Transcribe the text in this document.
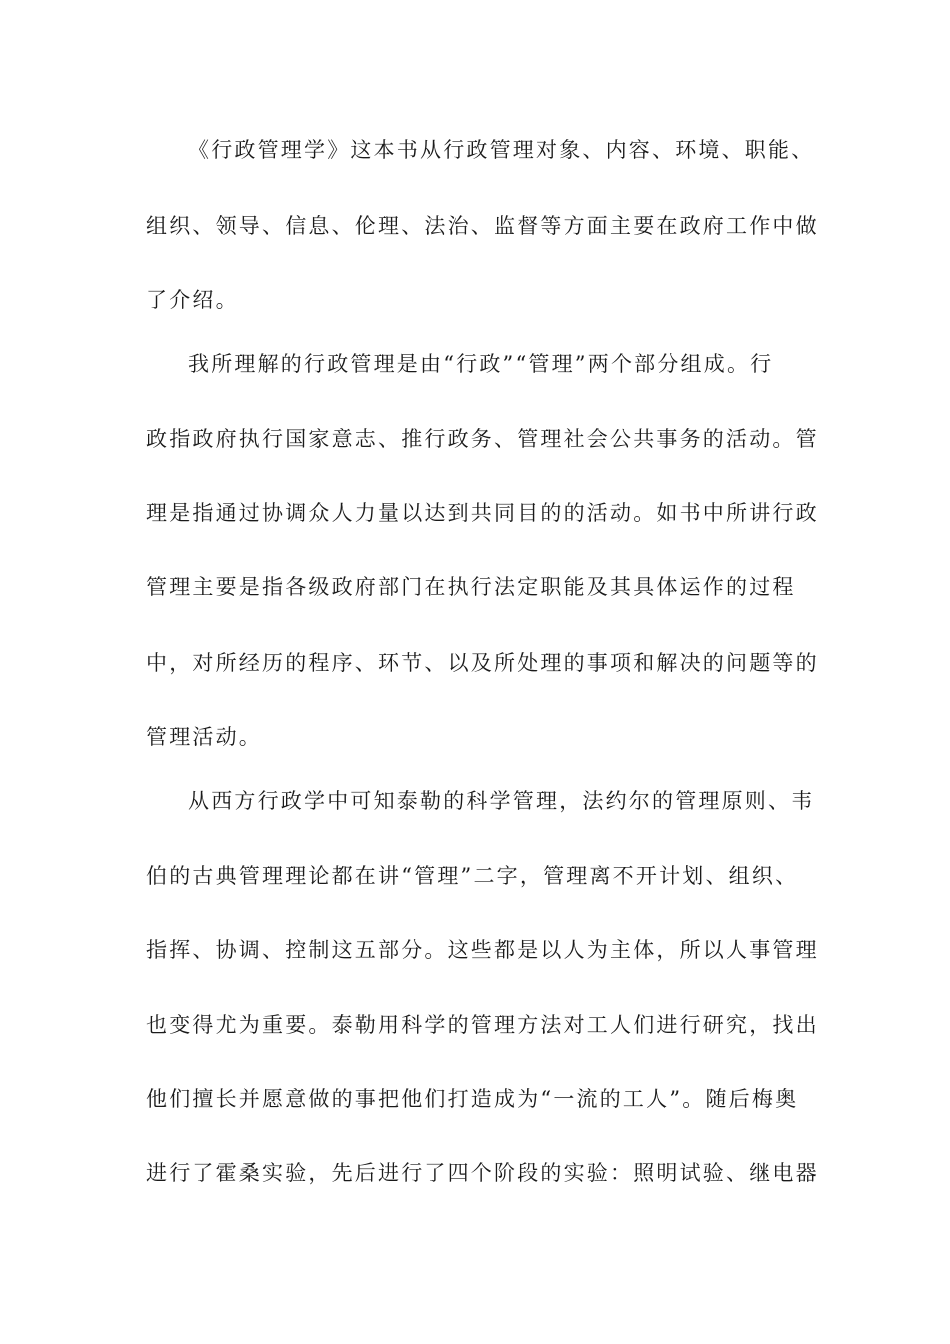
《行政管理学》这本书从行政管理对象、内容、环境、职能、
组织、领导、信息、伦理、法治、监督等方面主要在政府工作中做
了介绍。
我所理解的行政管理是由“行政”“管理”两个部分组成。行
政指政府执行国家意志、推行政务、管理社会公共事务的活动。管
理是指通过协调众人力量以达到共同目的的活动。如书中所讲行政
管理主要是指各级政府部门在执行法定职能及其具体运作的过程
中，对所经历的程序、环节、以及所处理的事项和解决的问题等的
管理活动。
从西方行政学中可知泰勒的科学管理，法约尔的管理原则、韦
伯的古典管理理论都在讲“管理”二字，管理离不开计划、组织、
指挥、协调、控制这五部分。这些都是以人为主体，所以人事管理
也变得尤为重要。泰勒用科学的管理方法对工人们进行研究，找出
他们擅长并愿意做的事把他们打造成为“一流的工人”。随后梅奥
进行了霍桑实验，先后进行了四个阶段的实验：照明试验、继电器
